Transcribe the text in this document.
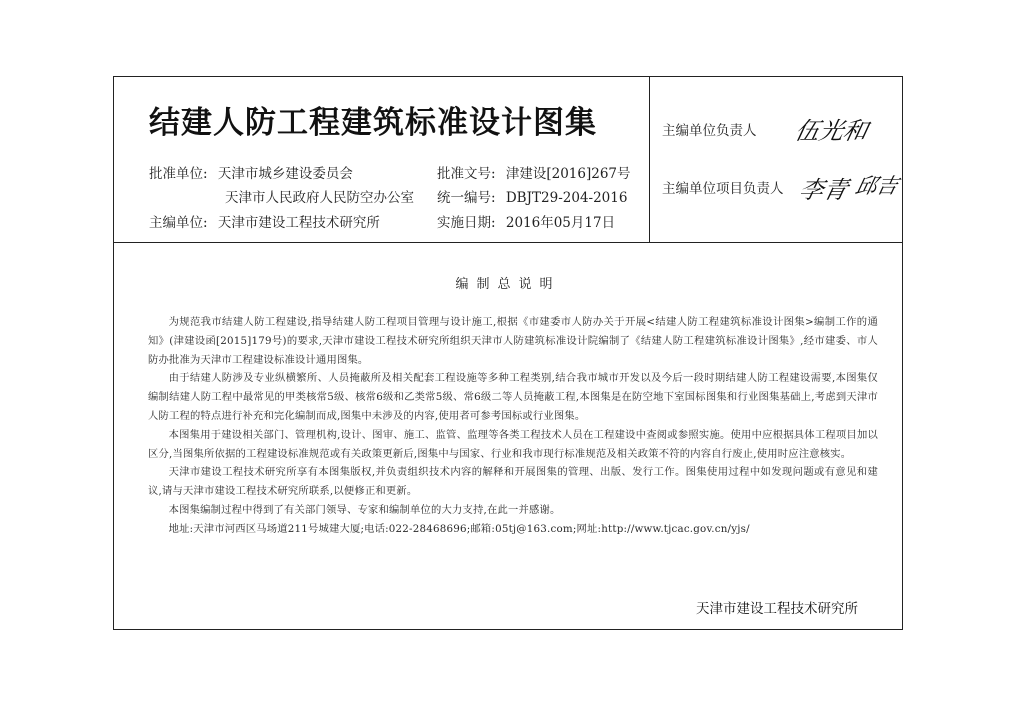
结建人防工程建筑标准设计图集
批准单位: 天津市城乡建设委员会
天津市人民政府人民防空办公室
主编单位: 天津市建设工程技术研究所
批准文号: 津建设[2016]267号
统一编号: DBJT29-204-2016
实施日期: 2016年05月17日
主编单位负责人 伍光和
主编单位项目负责人 李青 邱吉
编制总说明

为规范我市结建人防工程建设,指导结建人防工程项目管理与设计施工,根据《市建委市人防办关于开展<结建人防工程建筑标准设计图集>编制工作的通知》(津建设函[2015]179号)的要求,天津市建设工程技术研究所组织天津市人防建筑标准设计院编制了《结建人防工程建筑标准设计图集》,经市建委、市人防办批准为天津市工程建设标准设计通用图集。

由于结建人防涉及专业纵横繁所、人员掩蔽所及相关配套工程设施等多种工程类别,结合我市城市开发以及今后一段时期结建人防工程建设需要,本图集仅编制结建人防工程中最常见的甲类核常5级、核常6级和乙类常5级、常6级二等人员掩蔽工程,本图集是在防空地下室国标图集和行业图集基础上,考虑到天津市人防工程的特点进行补充和完化编制而成,图集中未涉及的内容,使用者可参考国标或行业图集。

本图集用于建设相关部门、管理机构,设计、图审、施工、监管、监理等各类工程技术人员在工程建设中查阅或参照实施。使用中应根据具体工程项目加以区分,当图集所依据的工程建设标准规范或有关政策更新后,图集中与国家、行业和我市现行标准规范及相关政策不符的内容自行废止,使用时应注意核实。

天津市建设工程技术研究所享有本图集版权,并负责组织技术内容的解释和开展图集的管理、出版、发行工作。图集使用过程中如发现问题或有意见和建议,请与天津市建设工程技术研究所联系,以便修正和更新。

本图集编制过程中得到了有关部门领导、专家和编制单位的大力支持,在此一并感谢。

地址:天津市河西区马场道211号城建大厦;电话:022-28468696;邮箱:05tj@163.com;网址:http://www.tjcac.gov.cn/yjs/

天津市建设工程技术研究所
